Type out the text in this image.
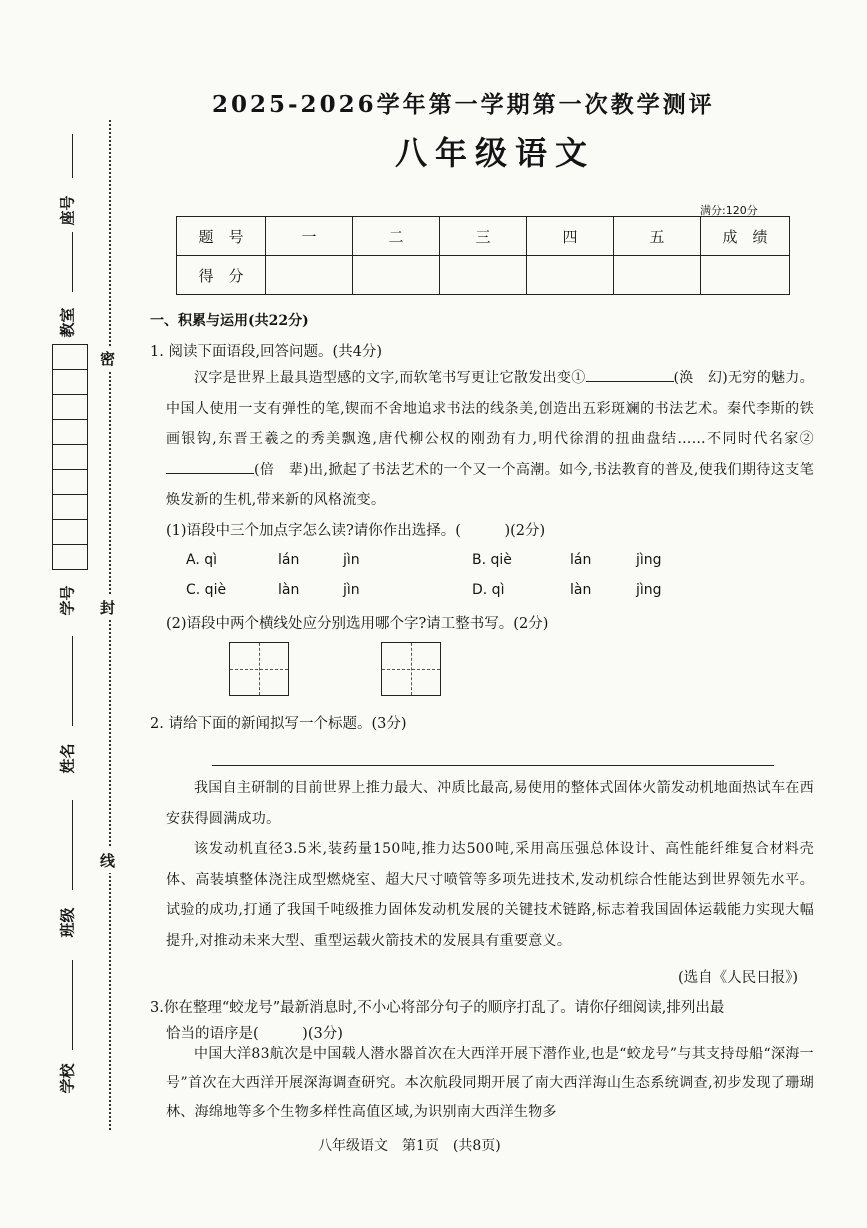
座号
教室
学号
姓名
班级
学校
密
封
线
2025-2026学年第一学期第一次教学测评
八年级语文
满分:120分
题　号	一	二	三	四	五	成　绩
得　分						
一、积累与运用(共22分)
1. 阅读下面语段,回答问题。(共4分)
汉字是世界上最具造型感的文字,而软笔书写更让它散发出变①	(涣　幻)无穷的魅力。中国人使用一支有弹性的笔,锲而不舍地追求书法的线条美,创造出五彩斑斓的书法艺术。秦代李斯的铁画银钩,东晋王羲之的秀美飘逸,唐代柳公权的刚劲有力,明代徐渭的扭曲盘结……不同时代名家②(倍　辈)出,掀起了书法艺术的一个又一个高潮。如今,书法教育的普及,使我们期待这支笔焕发新的生机,带来新的风格流变。
(1)语段中三个加点字怎么读?请你作出选择。(　　　)(2分)
A. qì	lán	jìn	B. qiè	lán	jìng
C. qiè	làn	jìn	D. qì	làn	jìng
(2)语段中两个横线处应分别选用哪个字?请工整书写。(2分)
2. 请给下面的新闻拟写一个标题。(3分)
我国自主研制的目前世界上推力最大、冲质比最高,易使用的整体式固体火箭发动机地面热试车在西安获得圆满成功。
该发动机直径3.5米,装药量150吨,推力达500吨,采用高压强总体设计、高性能纤维复合材料壳体、高装填整体浇注成型燃烧室、超大尺寸喷管等多项先进技术,发动机综合性能达到世界领先水平。试验的成功,打通了我国千吨级推力固体发动机发展的关键技术链路,标志着我国固体运载能力实现大幅提升,对推动未来大型、重型运载火箭技术的发展具有重要意义。
(选自《人民日报》)
3.你在整理“蛟龙号”最新消息时,不小心将部分句子的顺序打乱了。请你仔细阅读,排列出最
恰当的语序是(　　　)(3分)
中国大洋83航次是中国载人潜水器首次在大西洋开展下潜作业,也是“蛟龙号”与其支持母船“深海一号”首次在大西洋开展深海调查研究。本次航段同期开展了南大西洋海山生态系统调查,初步发现了珊瑚林、海绵地等多个生物多样性高值区域,为识别南大西洋生物多
八年级语文　第1页　(共8页)
